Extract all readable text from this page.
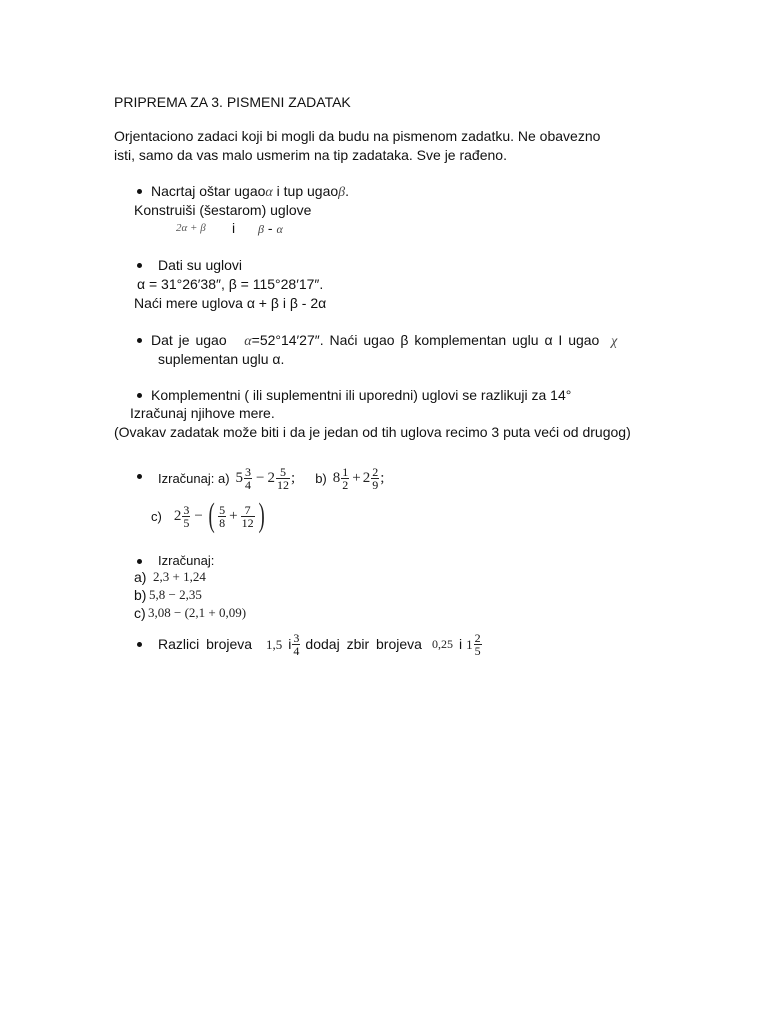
PRIPREMA ZA 3. PISMENI ZADATAK
Orjentaciono zadaci koji bi mogli da budu na pismenom zadatku. Ne obavezno
isti, samo da vas malo usmerim na tip zadataka. Sve je rađeno.
Nacrtaj oštar ugaoα i tup ugaoβ.
Konstruiši (šestarom) uglove
2α + β i β - α
Dati su uglovi
α = 31°26′38″, β = 115°28′17″.
Naći mere uglova α + β i β - 2α
Dat je ugao α=52°14′27″. Naći ugao β komplementan uglu α I ugao χ
suplementan uglu α.
Komplementni ( ili suplementni ili uporedni) uglovi se razlikuji za 14°
Izračunaj njihove mere.
(Ovakav zadatak može biti i da je jedan od tih uglova recimo 3 puta veći od drugog)
Izračunaj: a) $5 \frac{3}{4} - 2 \frac{5}{12}$ ; b) $8 \frac{1}{2} + 2 \frac{2}{9}$ ;
c) $2 \frac{3}{5}$ − ( $\frac{5}{8} + \frac{7}{12}$ )
Izračunaj:
a) 2,3 + 1,24
b) 5,8 − 2,35
c) 3,08 − (2,1 + 0,09)
Razlici brojeva 1,5 i $\frac{3}{4}$ dodaj zbir brojeva 0,25 i $1 \frac{2}{5}$
